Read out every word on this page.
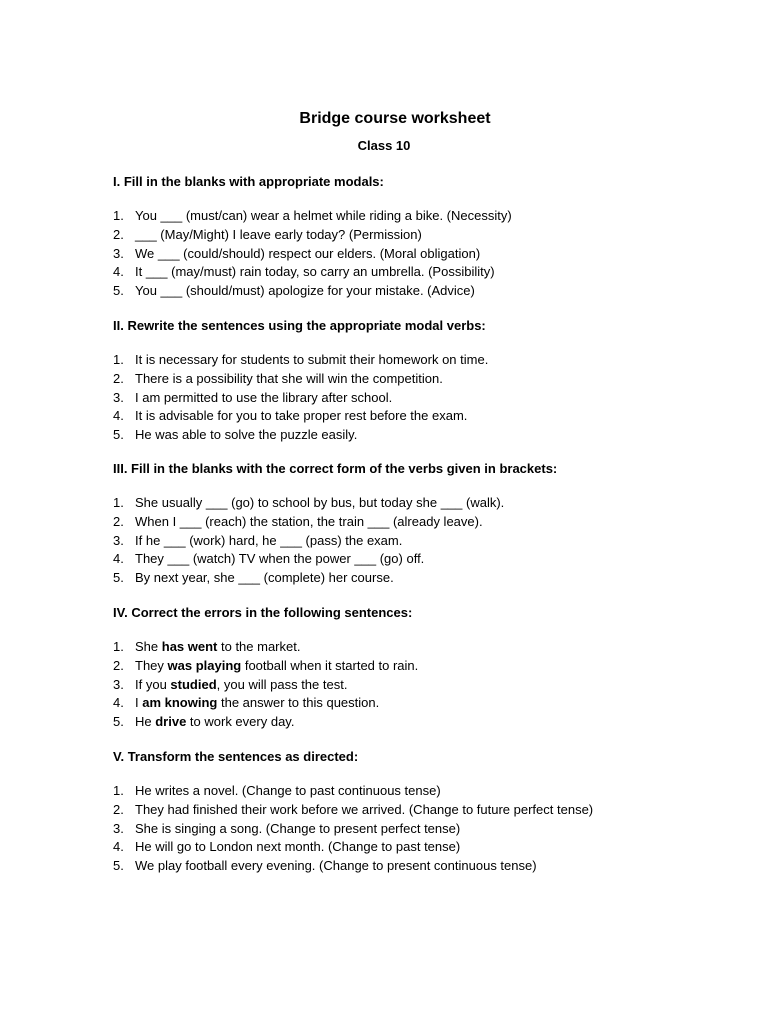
Bridge course worksheet
Class 10
I. Fill in the blanks with appropriate modals:
1. You ___ (must/can) wear a helmet while riding a bike. (Necessity)
2. ___ (May/Might) I leave early today? (Permission)
3. We ___ (could/should) respect our elders. (Moral obligation)
4. It ___ (may/must) rain today, so carry an umbrella. (Possibility)
5. You ___ (should/must) apologize for your mistake. (Advice)
II. Rewrite the sentences using the appropriate modal verbs:
1. It is necessary for students to submit their homework on time.
2. There is a possibility that she will win the competition.
3. I am permitted to use the library after school.
4. It is advisable for you to take proper rest before the exam.
5. He was able to solve the puzzle easily.
III. Fill in the blanks with the correct form of the verbs given in brackets:
1. She usually ___ (go) to school by bus, but today she ___ (walk).
2. When I ___ (reach) the station, the train ___ (already leave).
3. If he ___ (work) hard, he ___ (pass) the exam.
4. They ___ (watch) TV when the power ___ (go) off.
5. By next year, she ___ (complete) her course.
IV. Correct the errors in the following sentences:
1. She has went to the market.
2. They was playing football when it started to rain.
3. If you studied, you will pass the test.
4. I am knowing the answer to this question.
5. He drive to work every day.
V. Transform the sentences as directed:
1. He writes a novel. (Change to past continuous tense)
2. They had finished their work before we arrived. (Change to future perfect tense)
3. She is singing a song. (Change to present perfect tense)
4. He will go to London next month. (Change to past tense)
5. We play football every evening. (Change to present continuous tense)
